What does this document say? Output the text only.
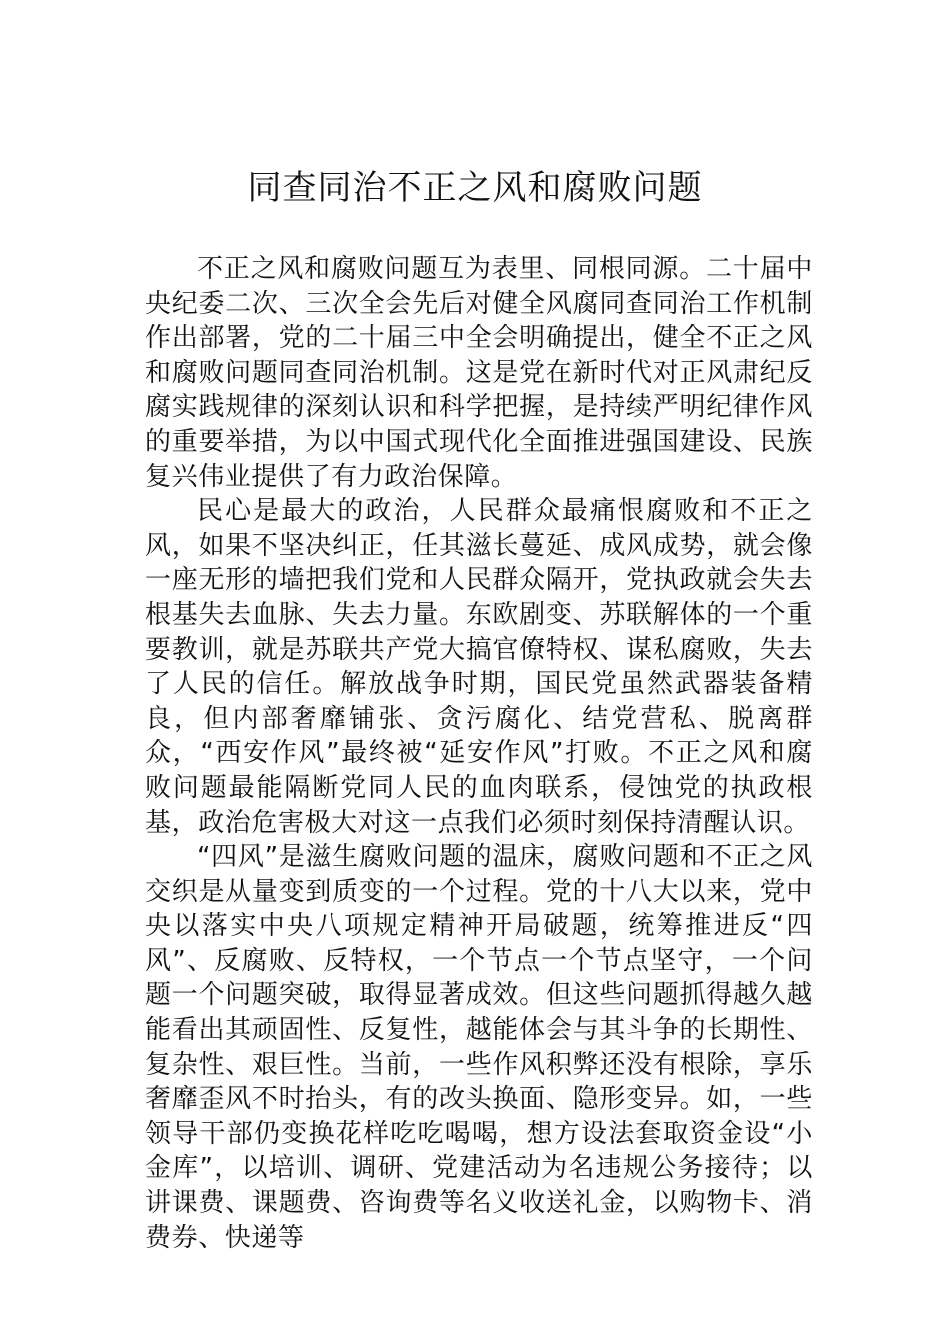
同查同治不正之风和腐败问题

不正之风和腐败问题互为表里、同根同源。二十届中央纪委二次、三次全会先后对健全风腐同查同治工作机制作出部署，党的二十届三中全会明确提出，健全不正之风和腐败问题同查同治机制。这是党在新时代对正风肃纪反腐实践规律的深刻认识和科学把握，是持续严明纪律作风的重要举措，为以中国式现代化全面推进强国建设、民族复兴伟业提供了有力政治保障。

民心是最大的政治，人民群众最痛恨腐败和不正之风，如果不坚决纠正，任其滋长蔓延、成风成势，就会像一座无形的墙把我们党和人民群众隔开，党执政就会失去根基失去血脉、失去力量。东欧剧变、苏联解体的一个重要教训，就是苏联共产党大搞官僚特权、谋私腐败，失去了人民的信任。解放战争时期，国民党虽然武器装备精良，但内部奢靡铺张、贪污腐化、结党营私、脱离群众，“西安作风”最终被“延安作风”打败。不正之风和腐败问题最能隔断党同人民的血肉联系，侵蚀党的执政根基，政治危害极大对这一点我们必须时刻保持清醒认识。

“四风”是滋生腐败问题的温床，腐败问题和不正之风交织是从量变到质变的一个过程。党的十八大以来，党中央以落实中央八项规定精神开局破题，统筹推进反“四风”、反腐败、反特权，一个节点一个节点坚守，一个问题一个问题突破，取得显著成效。但这些问题抓得越久越能看出其顽固性、反复性，越能体会与其斗争的长期性、复杂性、艰巨性。当前，一些作风积弊还没有根除，享乐奢靡歪风不时抬头，有的改头换面、隐形变异。如，一些领导干部仍变换花样吃吃喝喝，想方设法套取资金设“小金库”，以培训、调研、党建活动为名违规公务接待；以讲课费、课题费、咨询费等名义收送礼金，以购物卡、消费券、快递等
